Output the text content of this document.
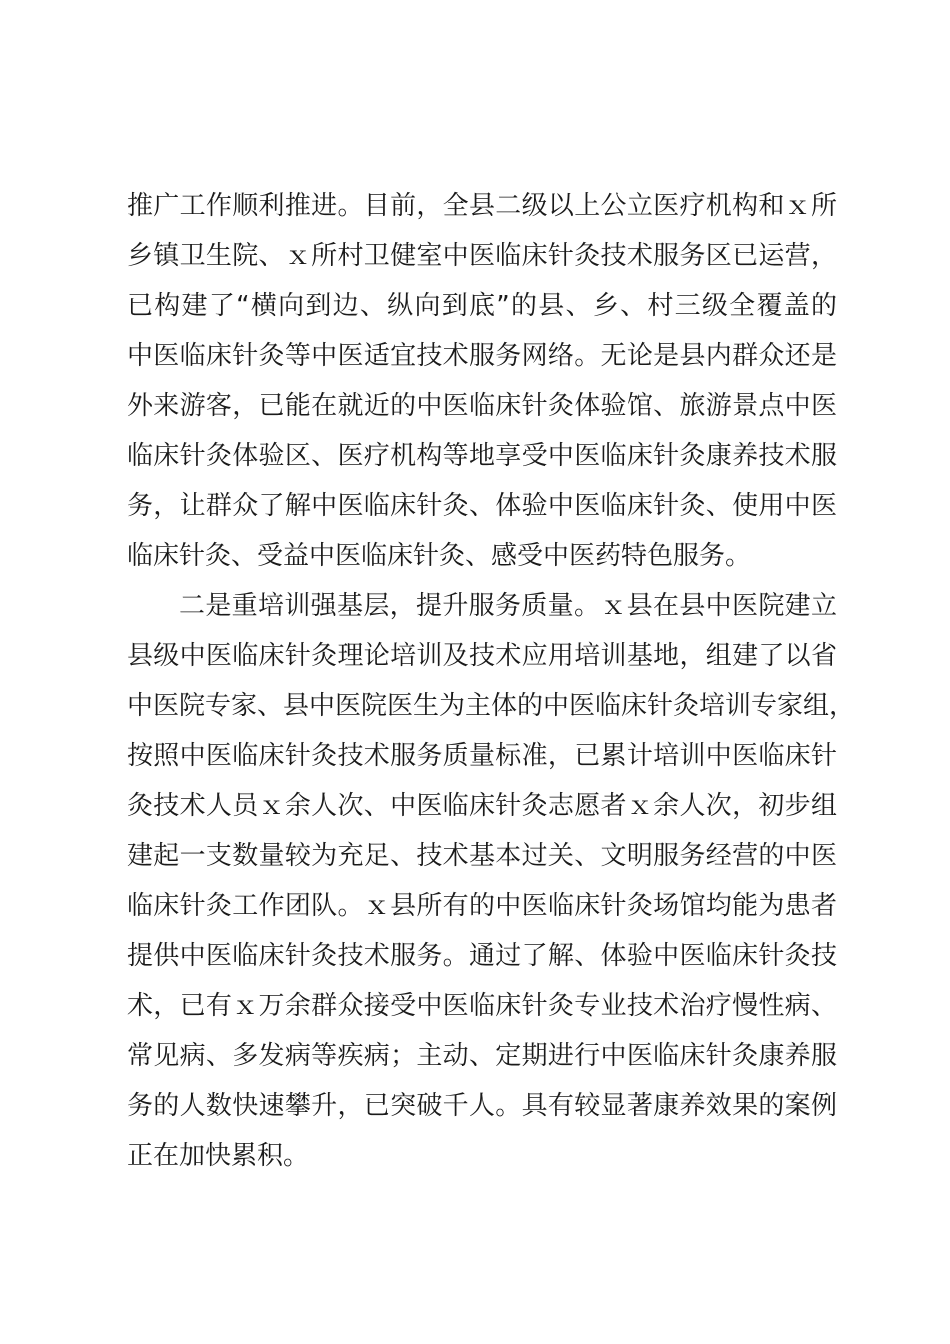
推广工作顺利推进。目前，全县二级以上公立医疗机构和ｘ所
乡镇卫生院、ｘ所村卫健室中医临床针灸技术服务区已运营，
已构建了“横向到边、纵向到底”的县、乡、村三级全覆盖的
中医临床针灸等中医适宜技术服务网络。无论是县内群众还是
外来游客，已能在就近的中医临床针灸体验馆、旅游景点中医
临床针灸体验区、医疗机构等地享受中医临床针灸康养技术服
务，让群众了解中医临床针灸、体验中医临床针灸、使用中医
临床针灸、受益中医临床针灸、感受中医药特色服务。
二是重培训强基层，提升服务质量。ｘ县在县中医院建立
县级中医临床针灸理论培训及技术应用培训基地，组建了以省
中医院专家、县中医院医生为主体的中医临床针灸培训专家组，
按照中医临床针灸技术服务质量标准，已累计培训中医临床针
灸技术人员ｘ余人次、中医临床针灸志愿者ｘ余人次，初步组
建起一支数量较为充足、技术基本过关、文明服务经营的中医
临床针灸工作团队。ｘ县所有的中医临床针灸场馆均能为患者
提供中医临床针灸技术服务。通过了解、体验中医临床针灸技
术，已有ｘ万余群众接受中医临床针灸专业技术治疗慢性病、
常见病、多发病等疾病；主动、定期进行中医临床针灸康养服
务的人数快速攀升，已突破千人。具有较显著康养效果的案例
正在加快累积。
